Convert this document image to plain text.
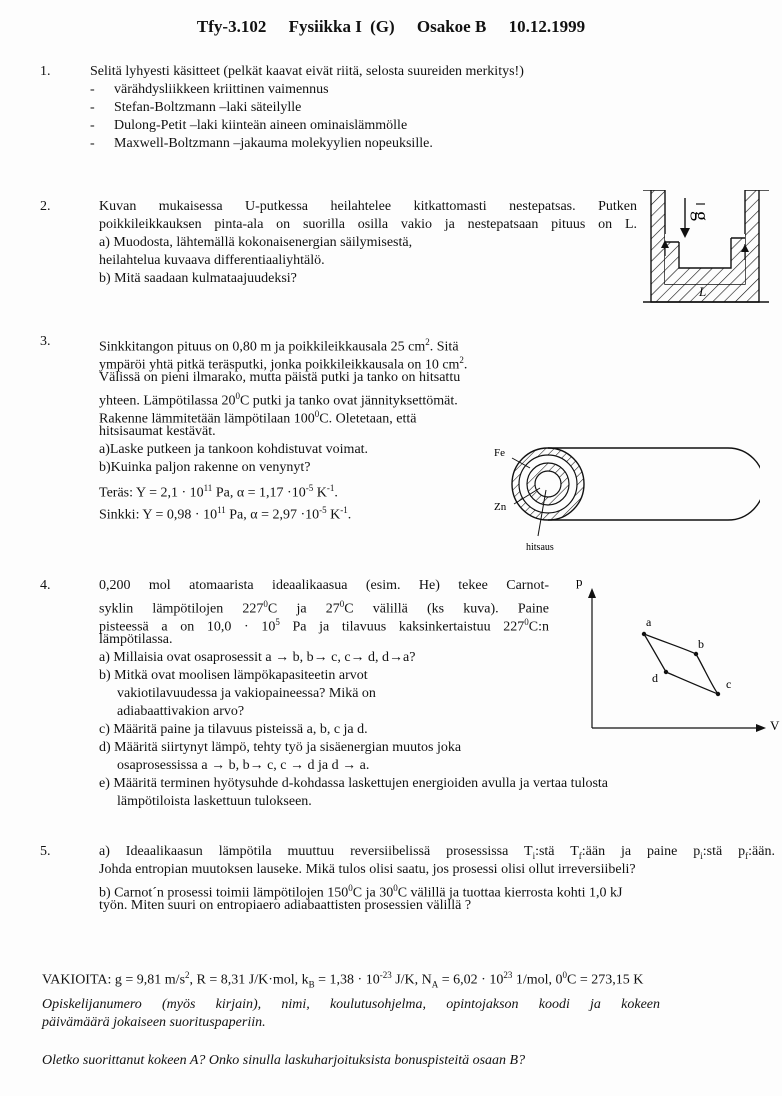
Tfy-3.102 Fysiikka I (G) Osakoe B 10.12.1999
1.	Selitä lyhyesti käsitteet (pelkät kaavat eivät riitä, selosta suureiden merkitys!)
- värähdysliikkeen kriittinen vaimennus
- Stefan-Boltzmann –laki säteilylle
- Dulong-Petit –laki kiinteän aineen ominaislämmölle
- Maxwell-Boltzmann –jakauma molekyylien nopeuksille.
2.	Kuvan mukaisessa U-putkessa heilahtelee kitkattomasti nestepatsas. Putken
poikkileikkauksen pinta-ala on suorilla osilla vakio ja nestepatsaan pituus on L.
a) Muodosta, lähtemällä kokonaisenergian säilymisestä,
heilahtelua kuvaava differentiaaliyhtälö.
b) Mitä saadaan kulmataajuudeksi?
g
L
3.	Sinkkitangon pituus on 0,80 m ja poikkileikkausala 25 $cm^2$. Sitä
ympäröi yhtä pitkä teräsputki, jonka poikkileikkausala on 10 $cm^2$.
Välissä on pieni ilmarako, mutta päistä putki ja tanko on hitsattu
yhteen. Lämpötilassa $20^0C$ putki ja tanko ovat jännityksettömät.
Rakenne lämmitetään lämpötilaan $100^0C$. Oletetaan, että
hitsisaumat kestävät.
a)Laske putkeen ja tankoon kohdistuvat voimat.
b)Kuinka paljon rakenne on venynyt?
Teräs: $Y = 2,1 \cdot 10^{11}$ Pa, $\alpha = 1,17 \cdot 10^{-5}$ $K^{-1}$.
Sinkki: $Y = 0,98 \cdot 10^{11}$ Pa, $\alpha = 2,97 \cdot 10^{-5}$ $K^{-1}$.
Fe
Zn
hitsaus
4.	0,200 mol atomaarista ideaalikaasua (esim. He) tekee Carnot-
syklin lämpötilojen $227^0C$ ja $27^0C$ välillä (ks kuva). Paine
pisteessä a on $10,0 \cdot 10^5$ Pa ja tilavuus kaksinkertaistuu $227^0C:n$
lämpötilassa.
a) Millaisia ovat osaprosessit a → b, b→ c, c→ d, d→a?
b) Mitkä ovat moolisen lämpökapasiteetin arvot
vakiotilavuudessa ja vakiopaineessa? Mikä on
adiabaattivakion arvo?
c) Määritä paine ja tilavuus pisteissä a, b, c ja d.
d) Määritä siirtynyt lämpö, tehty työ ja sisäenergian muutos joka
osaprosessissa a → b, b→ c, c → d ja d → a.
e) Määritä terminen hyötysuhde d-kohdassa laskettujen energioiden avulla ja vertaa tulosta
lämpötiloista laskettuun tulokseen.
p
V
a
b
c
d
5.	a) Ideaalikaasun lämpötila muuttuu reversiibelissä prosessissa $T_i:stä$ $T_f:ään$ ja paine $p_i:stä$ $p_f:ään$.
Johda entropian muutoksen lauseke. Mikä tulos olisi saatu, jos prosessi olisi ollut irreversiibeli?
b) Carnot´n prosessi toimii lämpötilojen $150^0C$ ja $30^0C$ välillä ja tuottaa kierrosta kohti 1,0 kJ
työn. Miten suuri on entropiaero adiabaattisten prosessien välillä ?
VAKIOITA: g = 9,81 $m/s^2$, R = 8,31 J/K·mol, $k_B = 1,38 \cdot 10^{-23}$ J/K, $N_A = 6,02 \cdot 10^{23}$ 1/mol, $0^0C = 273,15$ K
Opiskelijanumero (myös kirjain), nimi, koulutusohjelma, opintojakson koodi ja kokeen
päivämäärä jokaiseen suorituspaperiin.
Oletko suorittanut kokeen A? Onko sinulla laskuharjoituksista bonuspisteitä osaan B?
